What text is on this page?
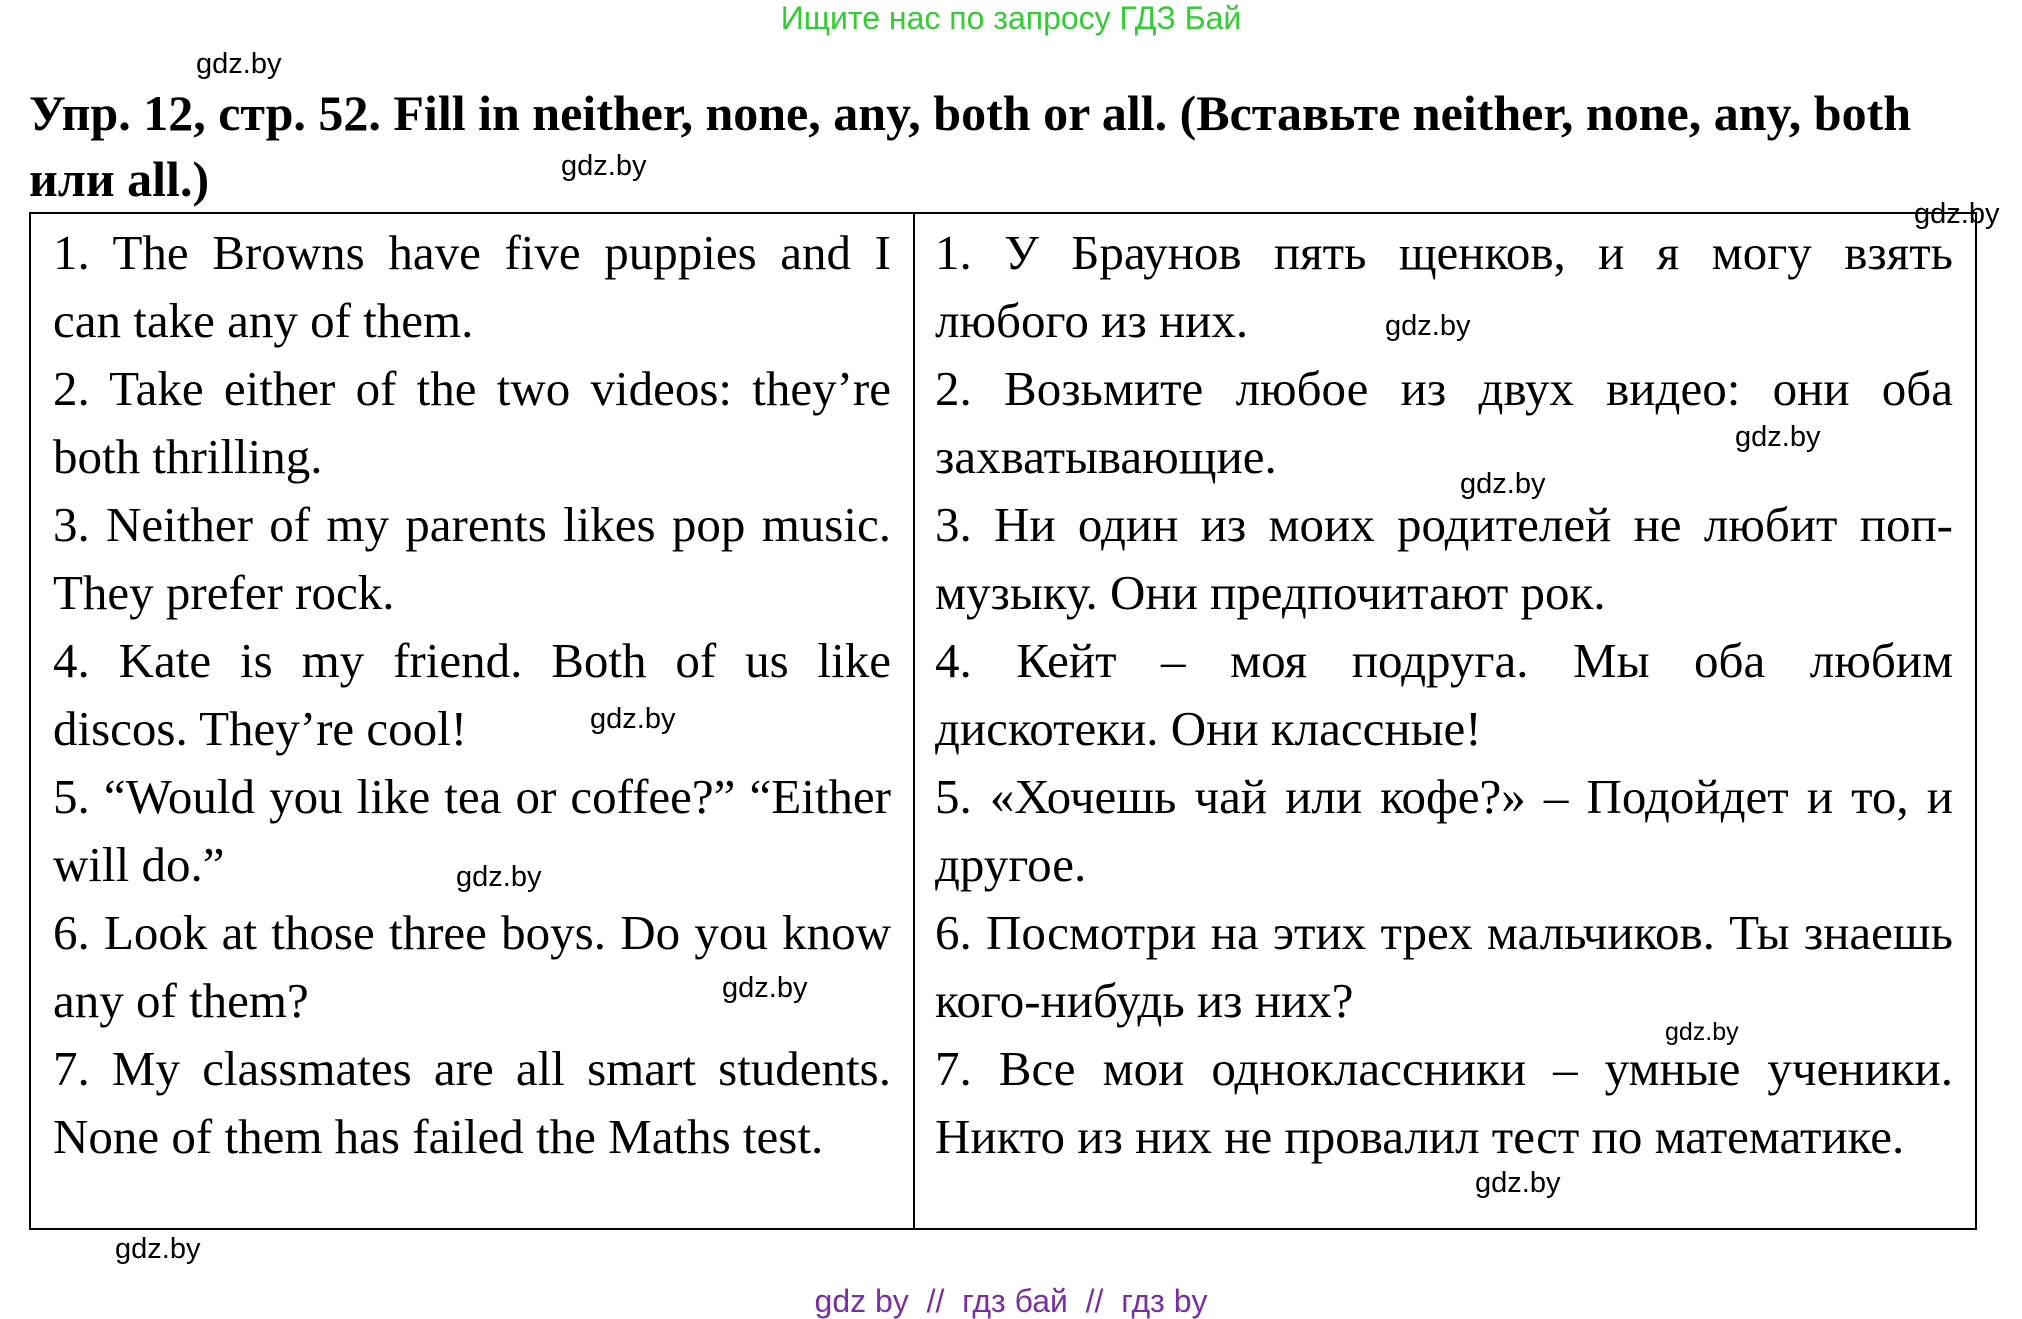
Ищите нас по запросу ГДЗ Бай
gdz.by
Упр. 12, стр. 52. Fill in neither, none, any, both or all. (Вставьте neither, none, any, both или all.)	gdz.by
gdz.by

1. The Browns have five puppies and I can take any of them.

2. Take either of the two videos: they’re both thrilling.

3. Neither of my parents likes pop music. They prefer rock.

4. Kate is my friend. Both of us like discos. They’re cool!

5. “Would you like tea or coffee?” “Either will do.”

6. Look at those three boys. Do you know any of them?

7. My classmates are all smart students. None of them has failed the Maths test.

1. У Браунов пять щенков, и я могу взять любого из них.

2. Возьмите любое из двух видео: они оба захватывающие.

3. Ни один из моих родителей не любит поп-музыку. Они предпочитают рок.

4. Кейт – моя подруга. Мы оба любим дискотеки. Они классные!

5. «Хочешь чай или кофе?» – Подойдет и то, и другое.

6. Посмотри на этих трех мальчиков. Ты знаешь кого-нибудь из них?

7. Все мои одноклассники – умные ученики. Никто из них не провалил тест по математике.

gdz.by
gdz.by
gdz.by
gdz.by
gdz.by
gdz.by
gdz.by
gdz.by
gdz.by
gdz by  //  гдз бай  //  гдз by
